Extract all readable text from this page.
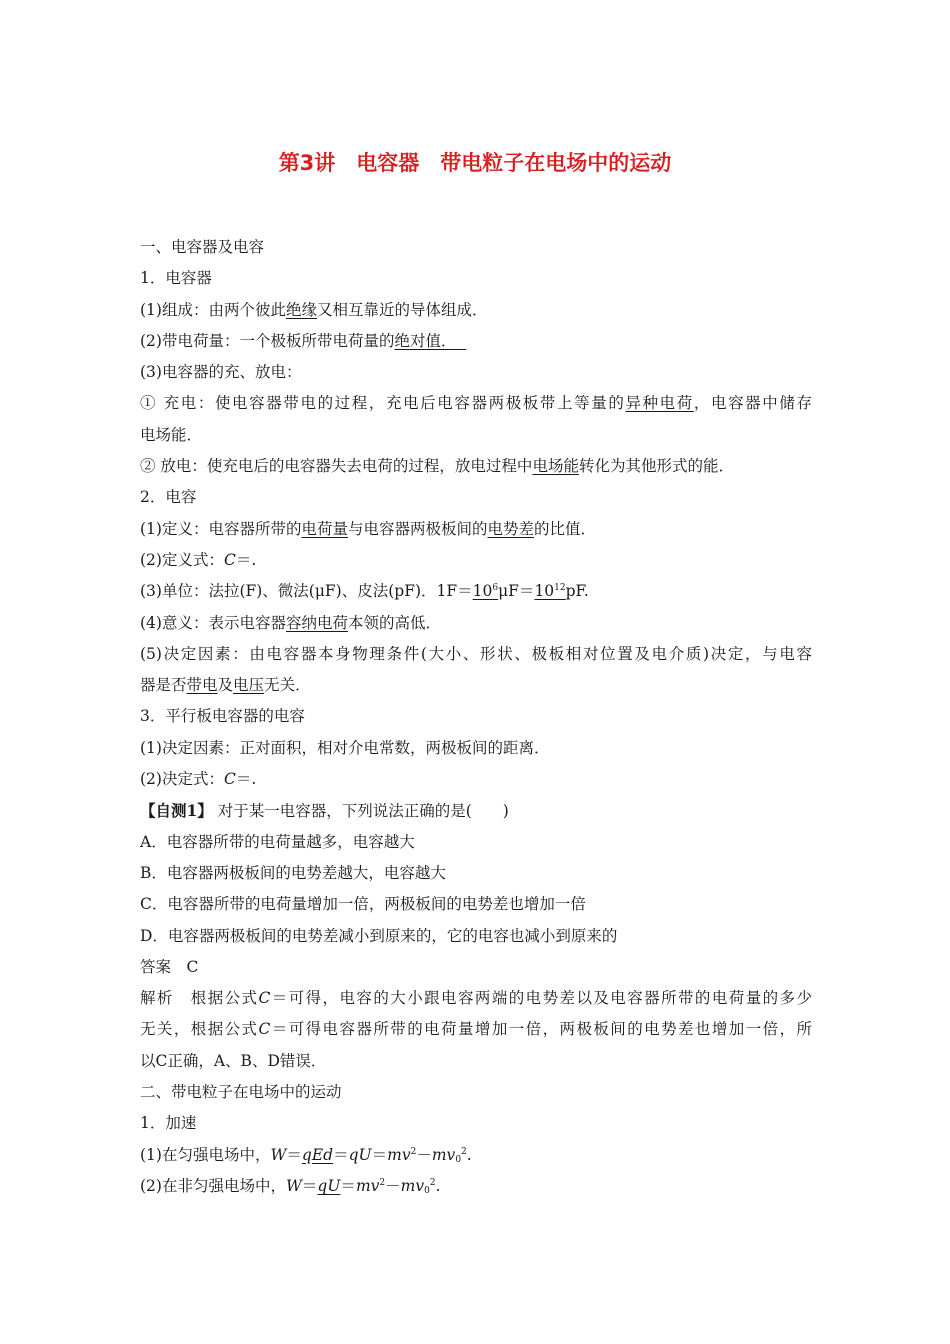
第3讲　电容器　带电粒子在电场中的运动
一、电容器及电容
1．电容器
(1)组成：由两个彼此绝缘又相互靠近的导体组成．
(2)带电荷量：一个极板所带电荷量的绝对值．
(3)电容器的充、放电：
① 充电：使电容器带电的过程，充电后电容器两极板带上等量的异种电荷，电容器中储存
电场能．
② 放电：使充电后的电容器失去电荷的过程，放电过程中电场能转化为其他形式的能．
2．电容
(1)定义：电容器所带的电荷量与电容器两极板间的电势差的比值．
(2)定义式：C＝.
(3)单位：法拉(F)、微法(μF)、皮法(pF)．$1F=10^6\mu F=10^{12}pF$.
(4)意义：表示电容器容纳电荷本领的高低．
(5)决定因素：由电容器本身物理条件(大小、形状、极板相对位置及电介质)决定，与电容
器是否带电及电压无关．
3．平行板电容器的电容
(1)决定因素：正对面积，相对介电常数，两极板间的距离．
(2)决定式：C＝.
【自测1】 对于某一电容器，下列说法正确的是(　　)
A．电容器所带的电荷量越多，电容越大
B．电容器两极板间的电势差越大，电容越大
C．电容器所带的电荷量增加一倍，两极板间的电势差也增加一倍
D．电容器两极板间的电势差减小到原来的，它的电容也减小到原来的
答案　C
解析　根据公式C＝可得，电容的大小跟电容两端的电势差以及电容器所带的电荷量的多少
无关，根据公式C＝可得电容器所带的电荷量增加一倍，两极板间的电势差也增加一倍，所
以C正确，A、B、D错误．
二、带电粒子在电场中的运动
1．加速
(1)在匀强电场中，$W=qEd=qU=mv^2-mv_0^2$.
(2)在非匀强电场中，$W=qU=mv^2-mv_0^2$.
